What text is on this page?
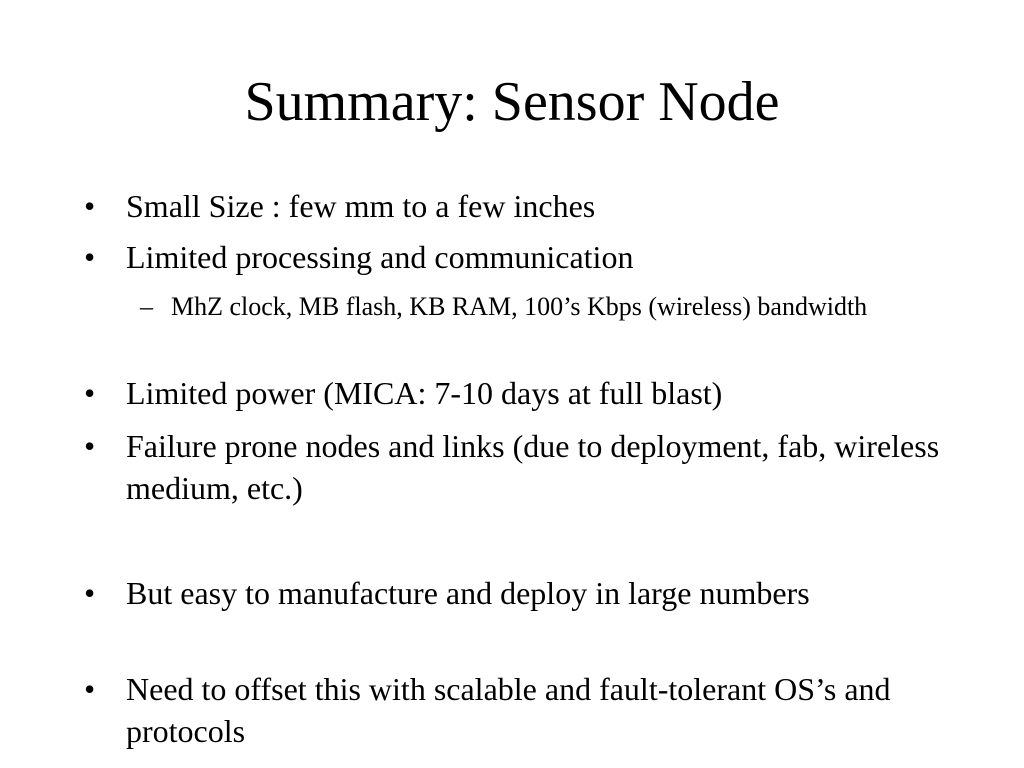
Summary: Sensor Node
• Small Size : few mm to a few inches
• Limited processing and communication
– MhZ clock, MB flash, KB RAM, 100’s Kbps (wireless) bandwidth
• Limited power (MICA: 7-10 days at full blast)
• Failure prone nodes and links (due to deployment, fab, wireless medium, etc.)
• But easy to manufacture and deploy in large numbers
• Need to offset this with scalable and fault-tolerant OS’s and protocols
